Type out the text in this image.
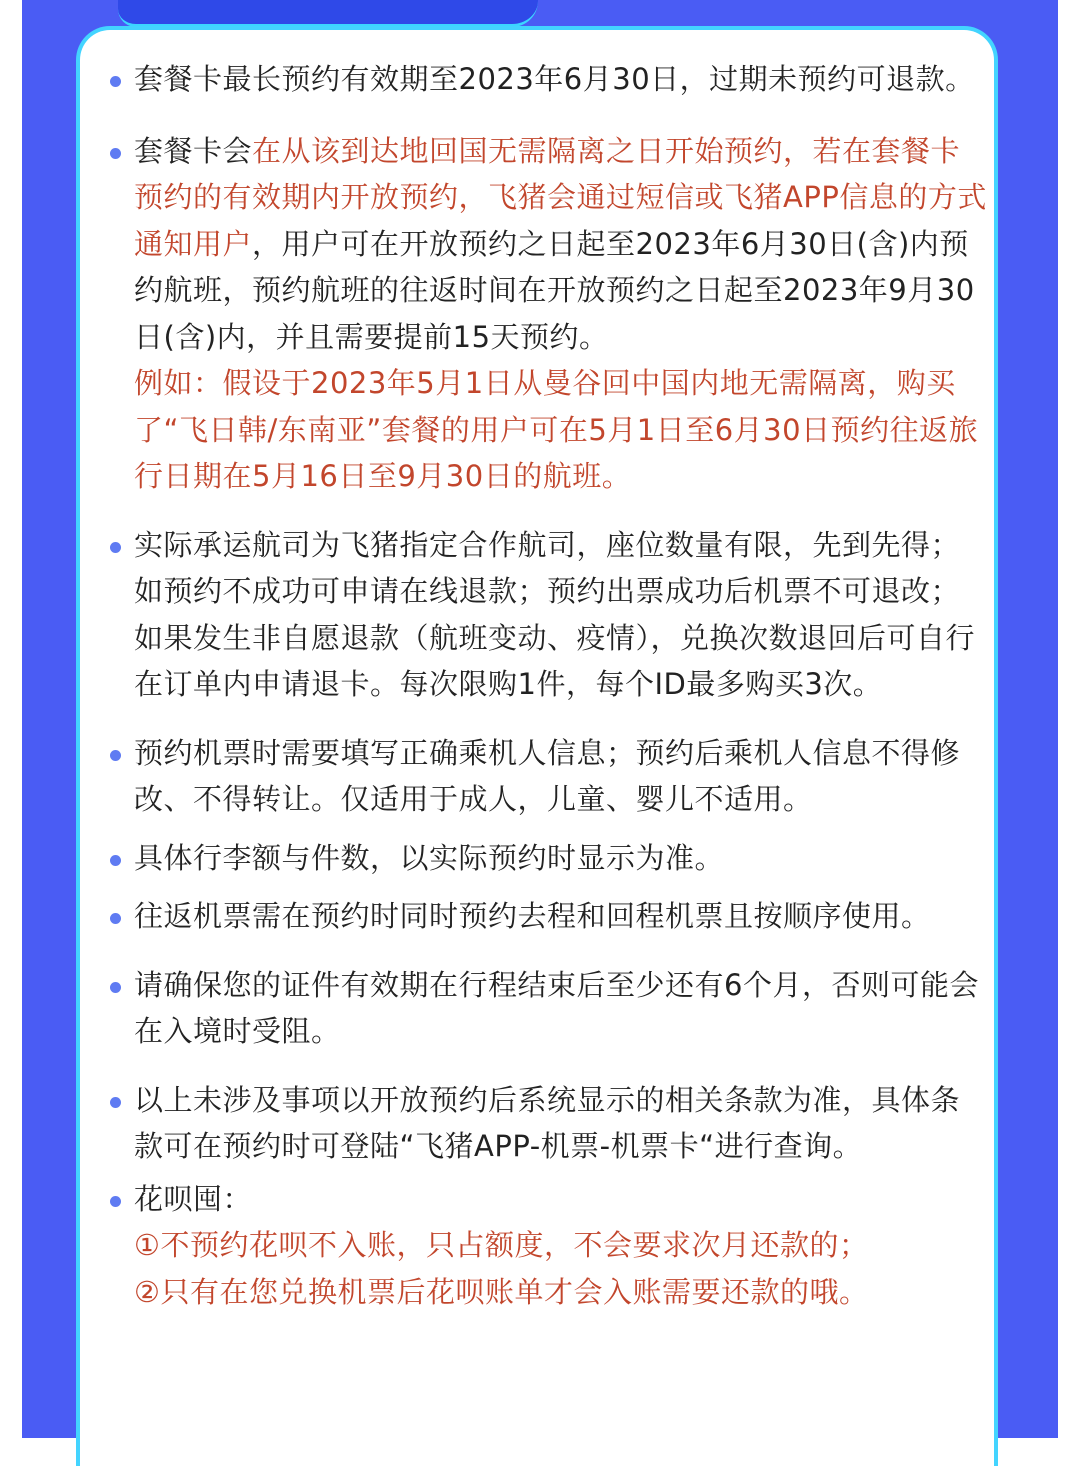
套餐卡最长预约有效期至2023年6月30日，过期未预约可退款。
套餐卡会在从该到达地回国无需隔离之日开始预约，若在套餐卡预约的有效期内开放预约，飞猪会通过短信或飞猪APP信息的方式通知用户，用户可在开放预约之日起至2023年6月30日(含)内预约航班，预约航班的往返时间在开放预约之日起至2023年9月30日(含)内，并且需要提前15天预约。
例如：假设于2023年5月1日从曼谷回中国内地无需隔离，购买了“飞日韩/东南亚”套餐的用户可在5月1日至6月30日预约往返旅行日期在5月16日至9月30日的航班。
实际承运航司为飞猪指定合作航司，座位数量有限，先到先得；如预约不成功可申请在线退款；预约出票成功后机票不可退改；如果发生非自愿退款（航班变动、疫情），兑换次数退回后可自行在订单内申请退卡。每次限购1件，每个ID最多购买3次。
预约机票时需要填写正确乘机人信息；预约后乘机人信息不得修改、不得转让。仅适用于成人，儿童、婴儿不适用。
具体行李额与件数，以实际预约时显示为准。
往返机票需在预约时同时预约去程和回程机票且按顺序使用。
请确保您的证件有效期在行程结束后至少还有6个月，否则可能会在入境时受阻。
以上未涉及事项以开放预约后系统显示的相关条款为准，具体条款可在预约时可登陆“飞猪APP-机票-机票卡“进行查询。
花呗囤：
①不预约花呗不入账，只占额度，不会要求次月还款的；
②只有在您兑换机票后花呗账单才会入账需要还款的哦。
